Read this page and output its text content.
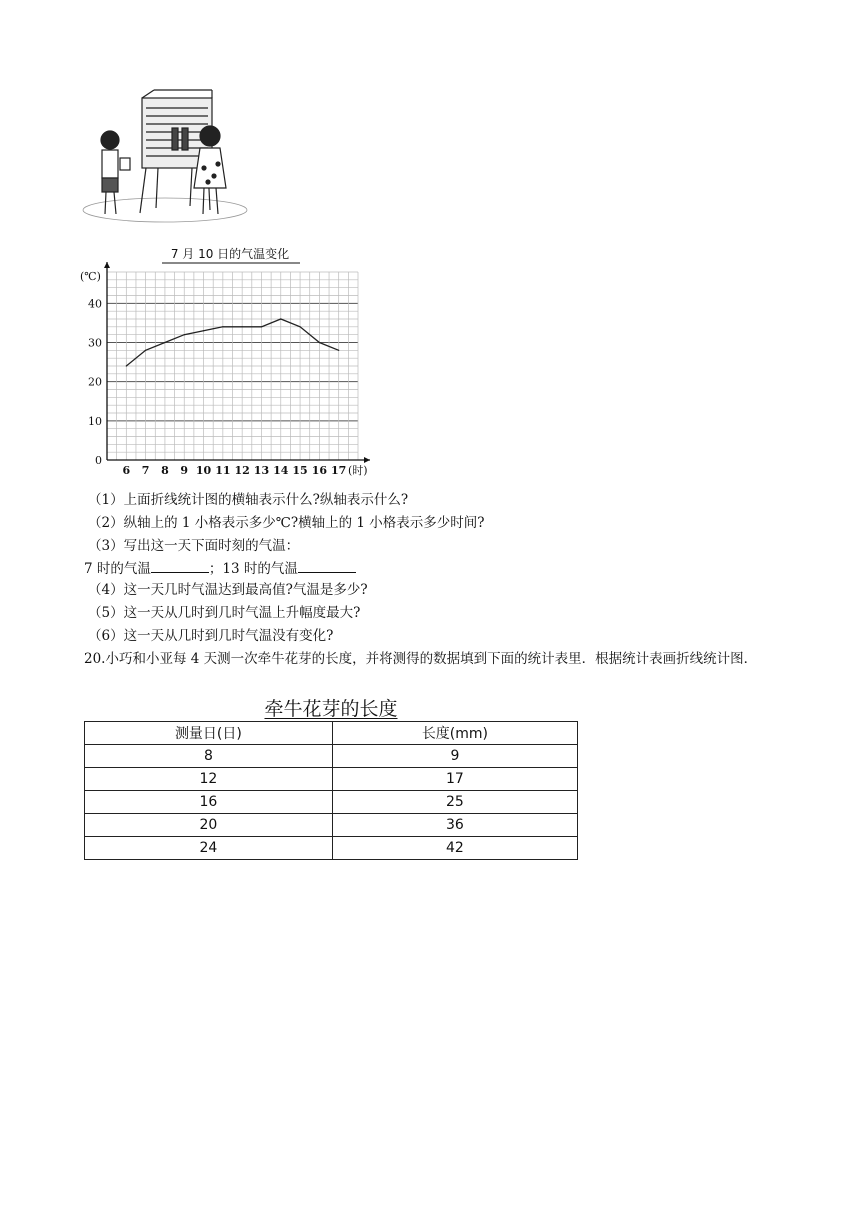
7 月 10 日的气温变化
(℃)
(时)
0
10
20
30
40
6 7 8 9 10 11 12 13 14 15 16 17
（1）上面折线统计图的横轴表示什么?纵轴表示什么?
（2）纵轴上的 1 小格表示多少℃?横轴上的 1 小格表示多少时间?
（3）写出这一天下面时刻的气温：
7 时的气温	；13 时的气温
（4）这一天几时气温达到最高值?气温是多少?
（5）这一天从几时到几时气温上升幅度最大?
（6）这一天从几时到几时气温没有变化?
20.小巧和小亚每 4 天测一次牵牛花芽的长度，并将测得的数据填到下面的统计表里．根据统计表画折线统计图．
牵牛花芽的长度
测量日(日)	长度(mm)
8	9
12	17
16	25
20	36
24	42
